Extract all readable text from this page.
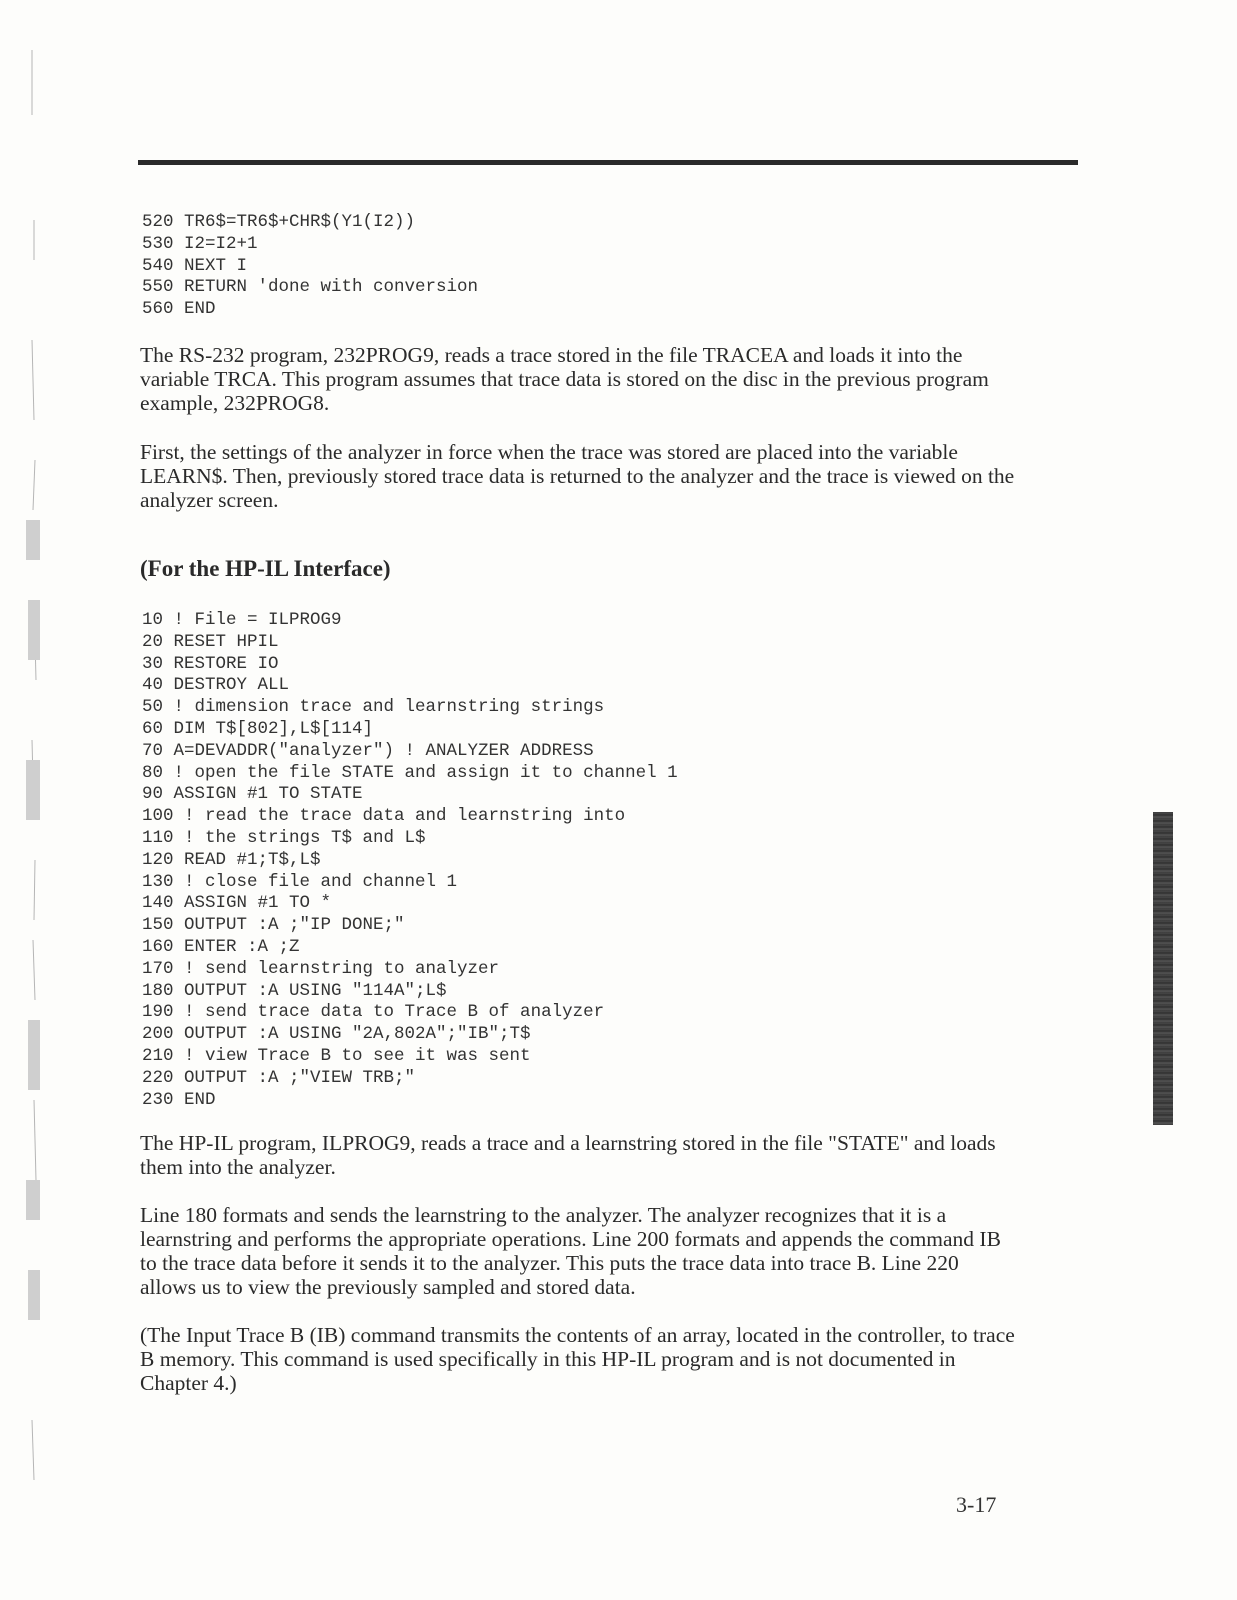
520 TR6$=TR6$+CHR$(Y1(I2))
530 I2=I2+1
540 NEXT I
550 RETURN 'done with conversion
560 END

The RS-232 program, 232PROG9, reads a trace stored in the file TRACEA and loads it into the variable TRCA. This program assumes that trace data is stored on the disc in the previous program example, 232PROG8.

First, the settings of the analyzer in force when the trace was stored are placed into the variable LEARN$. Then, previously stored trace data is returned to the analyzer and the trace is viewed on the analyzer screen.

(For the HP-IL Interface)
10 ! File = ILPROG9
20 RESET HPIL
30 RESTORE IO
40 DESTROY ALL
50 ! dimension trace and learnstring strings
60 DIM T$[802],L$[114]
70 A=DEVADDR("analyzer") ! ANALYZER ADDRESS
80 ! open the file STATE and assign it to channel 1
90 ASSIGN #1 TO STATE
100 ! read the trace data and learnstring into
110 ! the strings T$ and L$
120 READ #1;T$,L$
130 ! close file and channel 1
140 ASSIGN #1 TO *
150 OUTPUT :A ;"IP DONE;"
160 ENTER :A ;Z
170 ! send learnstring to analyzer
180 OUTPUT :A USING "114A";L$
190 ! send trace data to Trace B of analyzer
200 OUTPUT :A USING "2A,802A";"IB";T$
210 ! view Trace B to see it was sent
220 OUTPUT :A ;"VIEW TRB;"
230 END

The HP-IL program, ILPROG9, reads a trace and a learnstring stored in the file "STATE" and loads them into the analyzer.

Line 180 formats and sends the learnstring to the analyzer. The analyzer recognizes that it is a learnstring and performs the appropriate operations. Line 200 formats and appends the command IB to the trace data before it sends it to the analyzer. This puts the trace data into trace B. Line 220 allows us to view the previously sampled and stored data.

(The Input Trace B (IB) command transmits the contents of an array, located in the controller, to trace B memory. This command is used specifically in this HP-IL program and is not documented in Chapter 4.)

3-17
